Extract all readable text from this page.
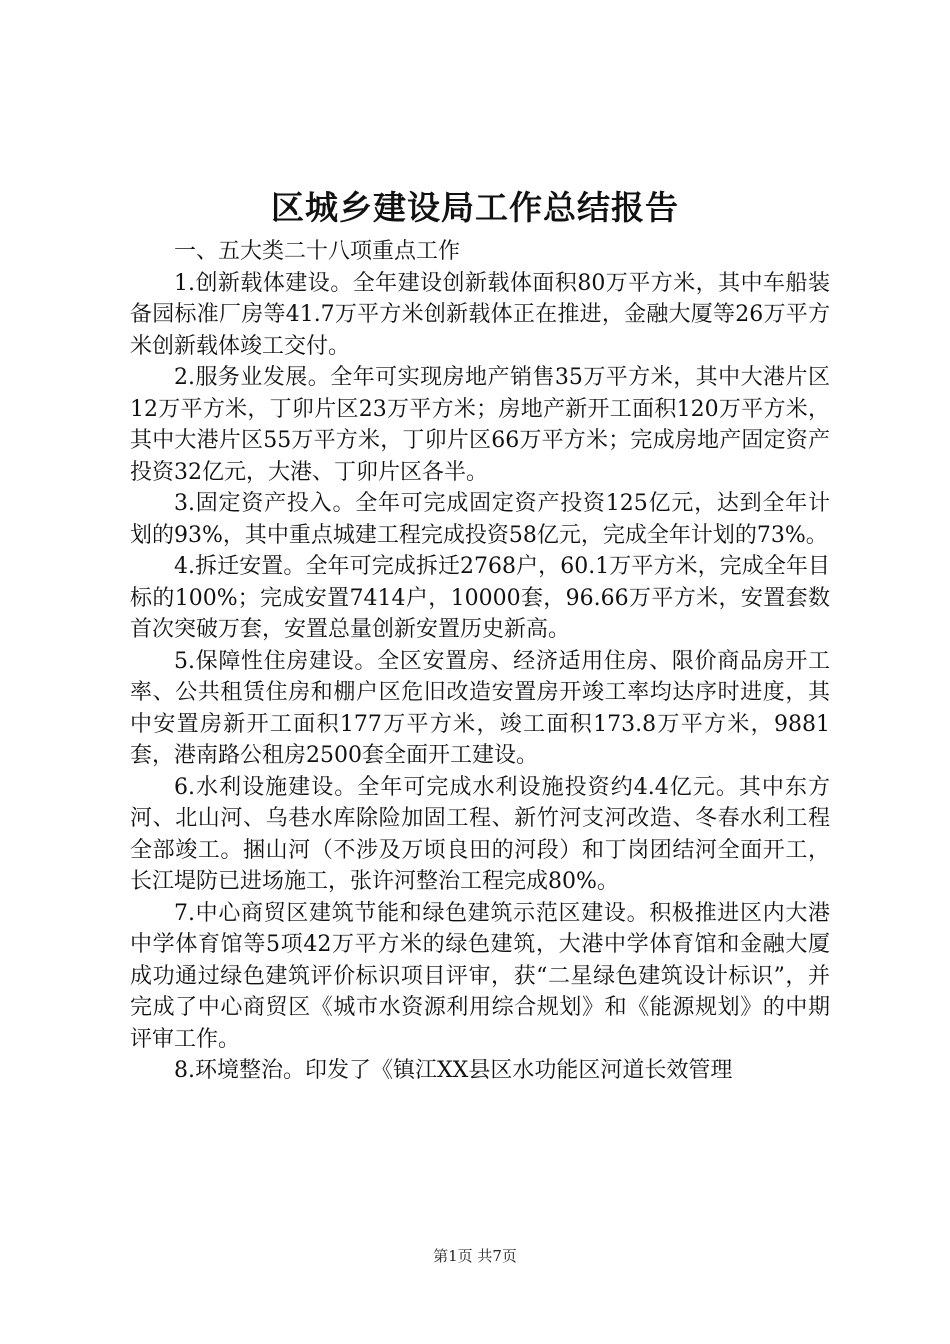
区城乡建设局工作总结报告

一、五大类二十八项重点工作

1.创新载体建设。全年建设创新载体面积80万平方米，其中车船装备园标准厂房等41.7万平方米创新载体正在推进，金融大厦等26万平方米创新载体竣工交付。

2.服务业发展。全年可实现房地产销售35万平方米，其中大港片区12万平方米，丁卯片区23万平方米；房地产新开工面积120万平方米，其中大港片区55万平方米，丁卯片区66万平方米；完成房地产固定资产投资32亿元，大港、丁卯片区各半。

3.固定资产投入。全年可完成固定资产投资125亿元，达到全年计划的93%，其中重点城建工程完成投资58亿元，完成全年计划的73%。

4.拆迁安置。全年可完成拆迁2768户，60.1万平方米，完成全年目标的100%；完成安置7414户，10000套，96.66万平方米，安置套数首次突破万套，安置总量创新安置历史新高。

5.保障性住房建设。全区安置房、经济适用住房、限价商品房开工率、公共租赁住房和棚户区危旧改造安置房开竣工率均达序时进度，其中安置房新开工面积177万平方米，竣工面积173.8万平方米，9881套，港南路公租房2500套全面开工建设。

6.水利设施建设。全年可完成水利设施投资约4.4亿元。其中东方河、北山河、乌巷水库除险加固工程、新竹河支河改造、冬春水利工程全部竣工。捆山河（不涉及万顷良田的河段）和丁岗团结河全面开工，长江堤防已进场施工，张许河整治工程完成80%。

7.中心商贸区建筑节能和绿色建筑示范区建设。积极推进区内大港中学体育馆等5项42万平方米的绿色建筑，大港中学体育馆和金融大厦成功通过绿色建筑评价标识项目评审，获“二星绿色建筑设计标识”，并完成了中心商贸区《城市水资源利用综合规划》和《能源规划》的中期评审工作。

8.环境整治。印发了《镇江XX县区水功能区河道长效管理

第1页 共7页
